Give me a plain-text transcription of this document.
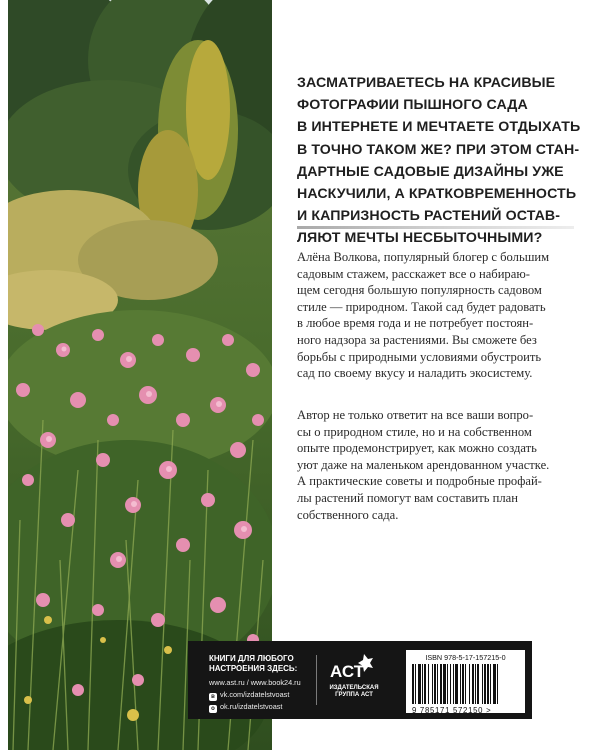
ЗАСМАТРИВАЕТЕСЬ НА КРАСИВЫЕ
ФОТОГРАФИИ ПЫШНОГО САДА
В ИНТЕРНЕТЕ И МЕЧТАЕТЕ ОТДЫХАТЬ
В ТОЧНО ТАКОМ ЖЕ? ПРИ ЭТОМ СТАН-
ДАРТНЫЕ САДОВЫЕ ДИЗАЙНЫ УЖЕ
НАСКУЧИЛИ, А КРАТКОВРЕМЕННОСТЬ
И КАПРИЗНОСТЬ РАСТЕНИЙ ОСТАВ-
ЛЯЮТ МЕЧТЫ НЕСБЫТОЧНЫМИ?

Алёна Волкова, популярный блогер с большим
садовым стажем, расскажет все о набираю-
щем сегодня большую популярность садовом
стиле — природном. Такой сад будет радовать
в любое время года и не потребует постоян-
ного надзора за растениями. Вы сможете без
борьбы с природными условиями обустроить
сад по своему вкусу и наладить экосистему.

Автор не только ответит на все ваши вопро-
сы о природном стиле, но и на собственном
опыте продемонстрирует, как можно создать
уют даже на маленьком арендованном участке.
А практические советы и подробные профай-
лы растений помогут вам составить план
собственного сада.

КНИГИ ДЛЯ ЛЮБОГО
НАСТРОЕНИЯ ЗДЕСЬ:

www.ast.ru / www.book24.ru
в vk.com/izdatelstvoast
о ok.ru/izdatelstvoast
АСТ

ИЗДАТЕЛЬСКАЯ
ГРУППА АСТ

ISBN 978-5-17-157215-0
9 785171 572150 >
